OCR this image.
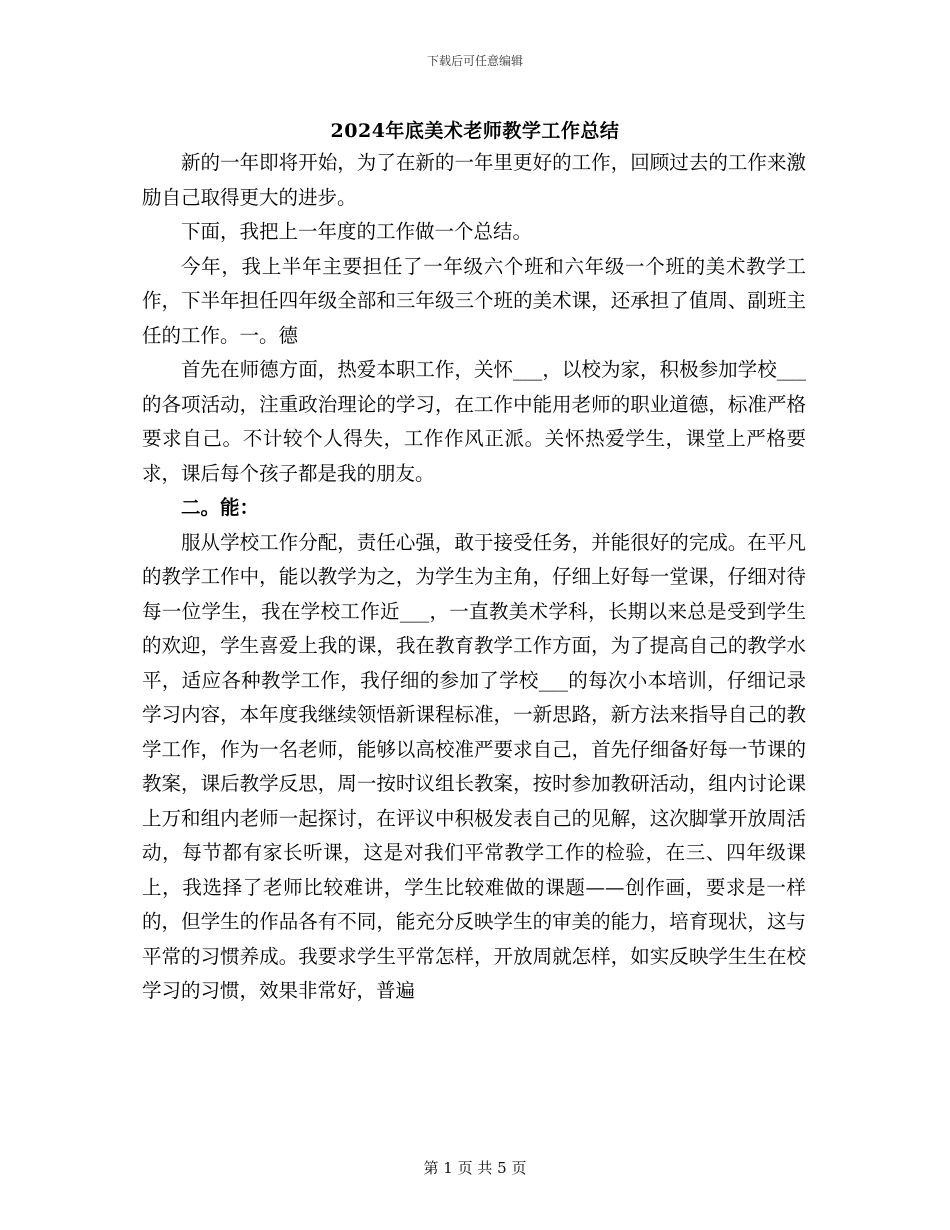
下载后可任意编辑
2024年底美术老师教学工作总结

新的一年即将开始，为了在新的一年里更好的工作，回顾过去的工作来激励自己取得更大的进步。

下面，我把上一年度的工作做一个总结。

今年，我上半年主要担任了一年级六个班和六年级一个班的美术教学工作，下半年担任四年级全部和三年级三个班的美术课，还承担了值周、副班主任的工作。一。德

首先在师德方面，热爱本职工作，关怀___，以校为家，积极参加学校___的各项活动，注重政治理论的学习，在工作中能用老师的职业道德，标准严格要求自己。不计较个人得失，工作作风正派。关怀热爱学生，课堂上严格要求，课后每个孩子都是我的朋友。

二。能：

服从学校工作分配，责任心强，敢于接受任务，并能很好的完成。在平凡的教学工作中，能以教学为之，为学生为主角，仔细上好每一堂课，仔细对待每一位学生，我在学校工作近___，一直教美术学科，长期以来总是受到学生的欢迎，学生喜爱上我的课，我在教育教学工作方面，为了提高自己的教学水平，适应各种教学工作，我仔细的参加了学校___的每次小本培训，仔细记录学习内容，本年度我继续领悟新课程标准，一新思路，新方法来指导自己的教学工作，作为一名老师，能够以高校准严要求自己，首先仔细备好每一节课的教案，课后教学反思，周一按时议组长教案，按时参加教研活动，组内讨论课上万和组内老师一起探讨，在评议中积极发表自己的见解，这次脚掌开放周活动，每节都有家长听课，这是对我们平常教学工作的检验，在三、四年级课上，我选择了老师比较难讲，学生比较难做的课题——创作画，要求是一样的，但学生的作品各有不同，能充分反映学生的审美的能力，培育现状，这与平常的习惯养成。我要求学生平常怎样，开放周就怎样，如实反映学生生在校学习的习惯，效果非常好，普遍

第 1 页 共 5 页
